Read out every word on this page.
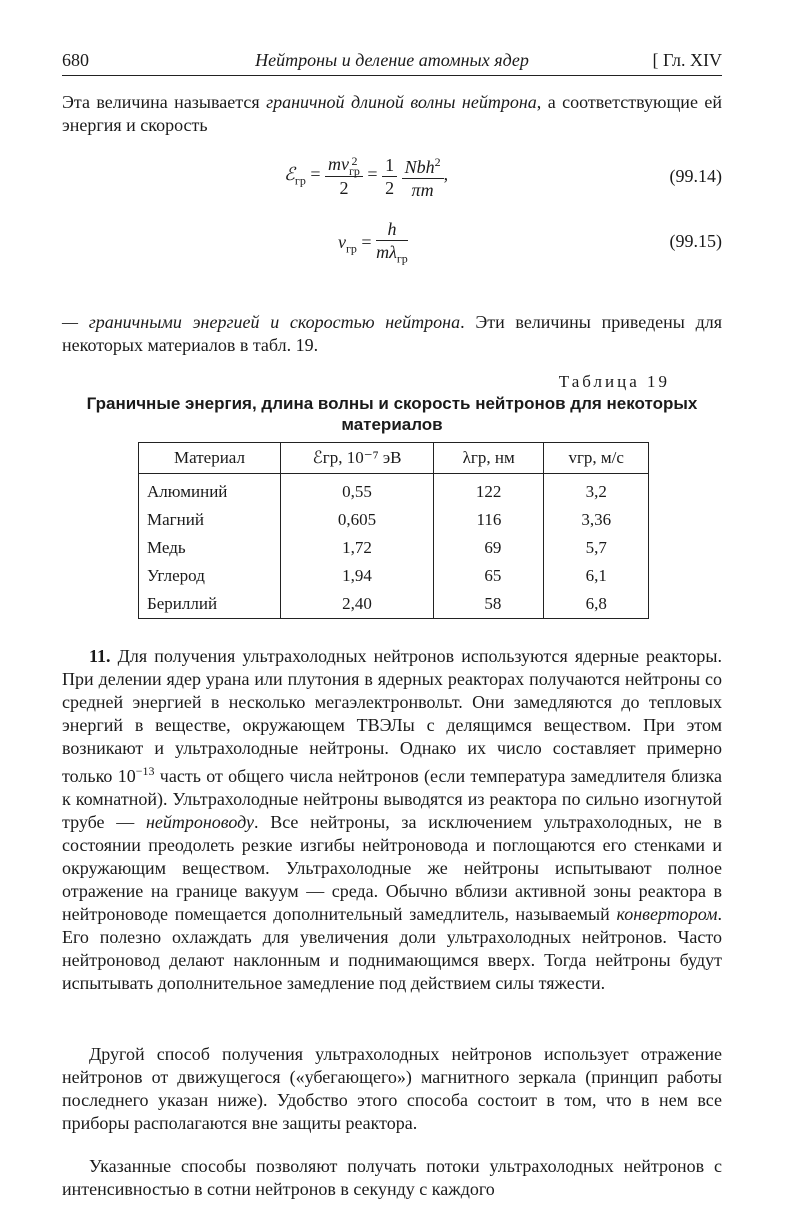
680	Нейтроны и деление атомных ядер	[ Гл. XIV

Эта величина называется граничной длиной волны нейтрона, а соответствующие ей энергия и скорость

ℰ$_{гр}$ = mv 2
гр
$2 = \frac{1}{2}$
$\frac{Nbh^2}{\pi m}$ ,	(99.14)
$v_{гр} = \frac{h}{m\lambda_{гр}}$	(99.15)

— граничными энергией и скоростью нейтрона. Эти величины приведены для некоторых материалов в табл. 19.

Таблица 19
Граничные энергия, длина волны и скорость нейтронов для некоторых материалов
Материал	ℰгр, 10⁻⁷ эВ	λгр, нм	vгр, м/с
Алюминий	0,55	122	3,2
Магний	0,605	116	3,36
Медь	1,72	69	5,7
Углерод	1,94	65	6,1
Бериллий	2,40	58	6,8

11. Для получения ультрахолодных нейтронов используются ядерные реакторы. При делении ядер урана или плутония в ядерных реакторах получаются нейтроны со средней энергией в несколько мегаэлектронвольт. Они замедляются до тепловых энергий в веществе, окружающем ТВЭЛы с делящимся веществом. При этом возникают и ультрахолодные нейтроны. Однако их число составляет примерно только $10^{-13}$ часть от общего числа нейтронов (если температура замедлителя близка к комнатной). Ультрахолодные нейтроны выводятся из реактора по сильно изогнутой трубе — нейтроноводу. Все нейтроны, за исключением ультрахолодных, не в состоянии преодолеть резкие изгибы нейтроновода и поглощаются его стенками и окружающим веществом. Ультрахолодные же нейтроны испытывают полное отражение на границе вакуум — среда. Обычно вблизи активной зоны реактора в нейтроноводе помещается дополнительный замедлитель, называемый конвертором. Его полезно охлаждать для увеличения доли ультрахолодных нейтронов. Часто нейтроновод делают наклонным и поднимающимся вверх. Тогда нейтроны будут испытывать дополнительное замедление под действием силы тяжести.

Другой способ получения ультрахолодных нейтронов использует отражение нейтронов от движущегося («убегающего») магнитного зеркала (принцип работы последнего указан ниже). Удобство этого способа состоит в том, что в нем все приборы располагаются вне защиты реактора.

Указанные способы позволяют получать потоки ультрахолодных нейтронов с интенсивностью в сотни нейтронов в секунду с каждого
